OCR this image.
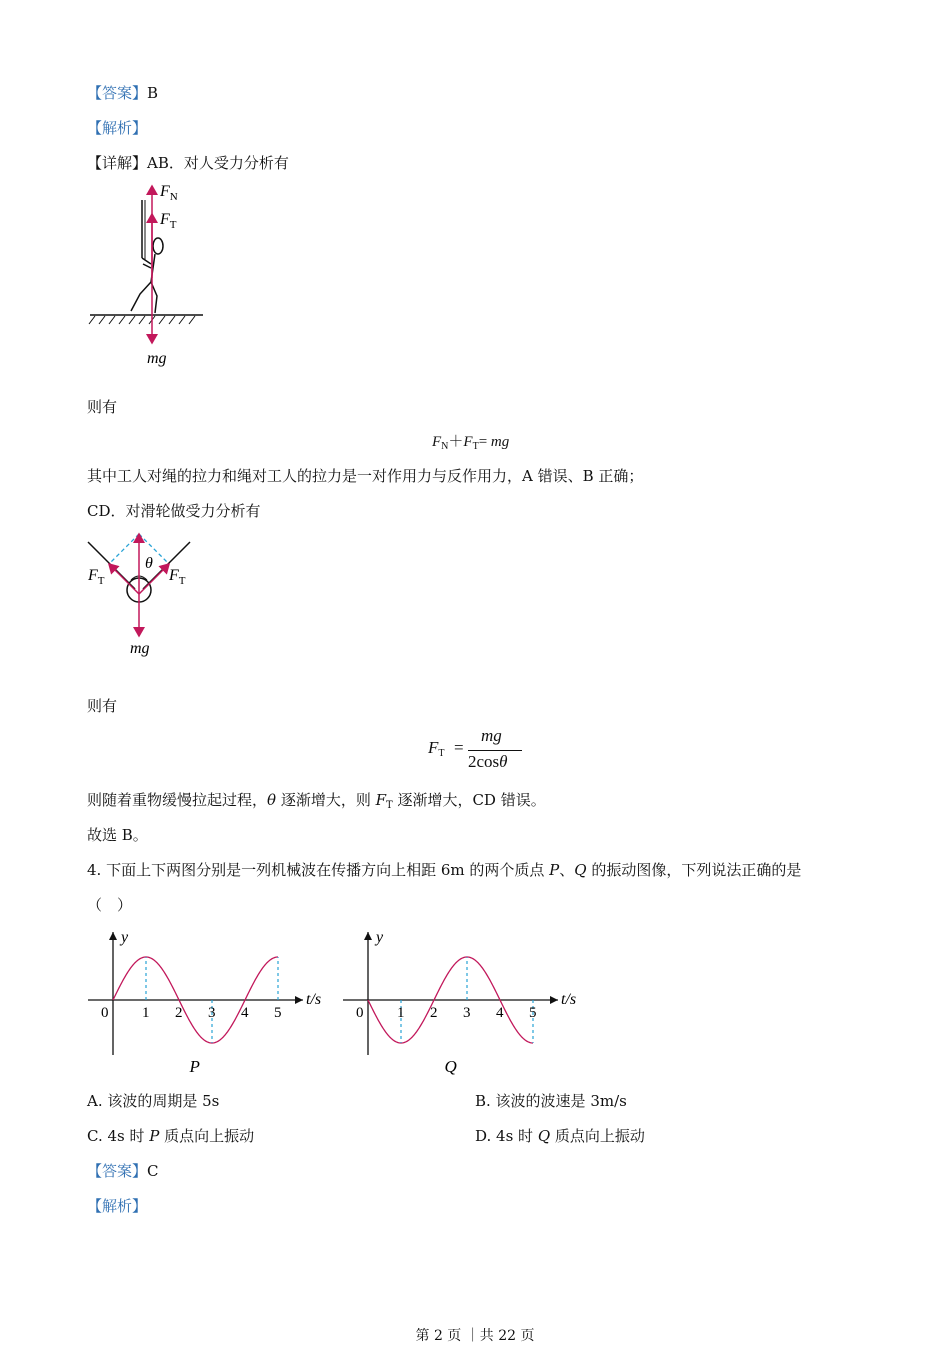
【答案】B
【解析】
【详解】AB．对人受力分析有
$F_N$
$F_T$
mg
则有
$F_N+F_T=$ mg
其中工人对绳的拉力和绳对工人的拉力是一对作用力与反作用力，A 错误、B 正确；
CD．对滑轮做受力分析有
$F_T$	$F_T$
θ
mg
则有
$F_T$ =
mg
2cosθ
则随着重物缓慢拉起过程，θ 逐渐增大，则 $F_T$ 逐渐增大，CD 错误。
故选 B。
4. 下面上下两图分别是一列机械波在传播方向上相距 6m 的两个质点 P、Q 的振动图像，下列说法正确的是
（　）
y
t/s
0 1 2 3 4 5
P
y
t/s
0 1 2 3 4 5
Q
A. 该波的周期是 5s	B. 该波的波速是 3m/s
C. 4s 时 P 质点向上振动	D. 4s 时 Q 质点向上振动
【答案】C
【解析】
第 2 页 ｜共 22 页
